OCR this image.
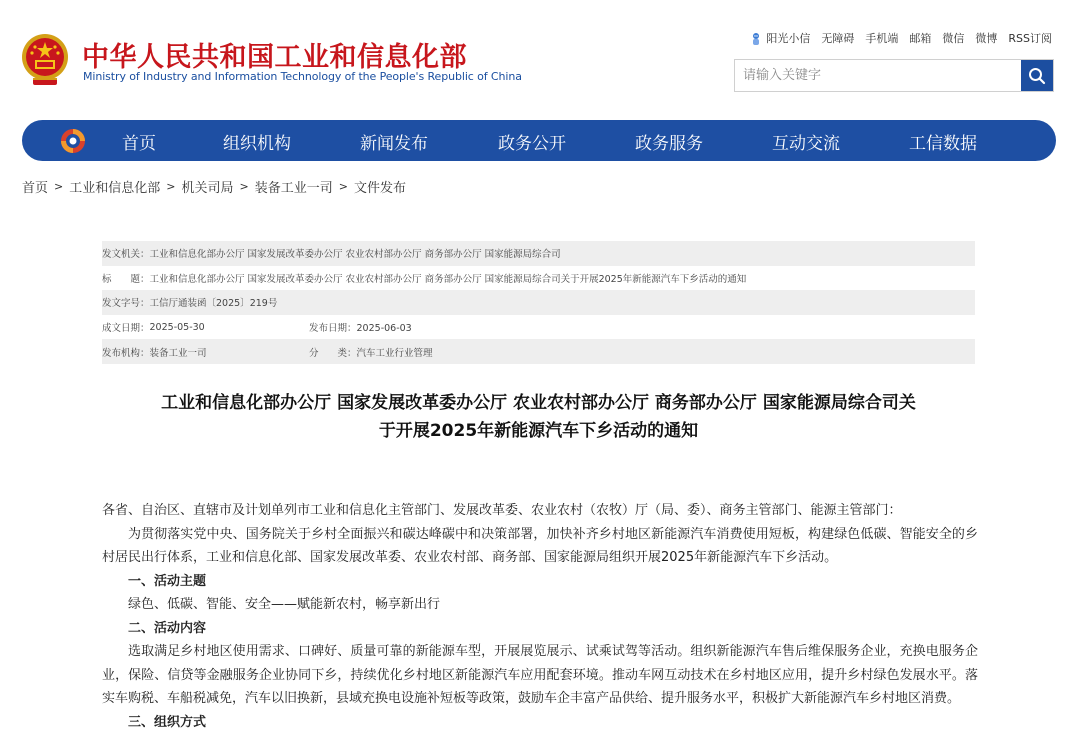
中华人民共和国工业和信息化部
Ministry of Industry and Information Technology of the People's Republic of China
阳光小信 无障碍 手机端 邮箱 微信 微博 RSS订阅
请输入关键字
首页	组织机构	新闻发布	政务公开	政务服务	互动交流	工信数据
首页 > 工业和信息化部 > 机关司局 > 装备工业一司 > 文件发布
发文机关： 工业和信息化部办公厅 国家发展改革委办公厅 农业农村部办公厅 商务部办公厅 国家能源局综合司
标　　题： 工业和信息化部办公厅 国家发展改革委办公厅 农业农村部办公厅 商务部办公厅 国家能源局综合司关于开展2025年新能源汽车下乡活动的通知
发文字号： 工信厅通装函〔2025〕219号
成文日期： 2025-05-30	发布日期：2025-06-03
发布机构： 装备工业一司	分　　类：汽车工业行业管理
工业和信息化部办公厅 国家发展改革委办公厅 农业农村部办公厅 商务部办公厅 国家能源局综合司关
于开展2025年新能源汽车下乡活动的通知

各省、自治区、直辖市及计划单列市工业和信息化主管部门、发展改革委、农业农村（农牧）厅（局、委）、商务主管部门、能源主管部门：

为贯彻落实党中央、国务院关于乡村全面振兴和碳达峰碳中和决策部署，加快补齐乡村地区新能源汽车消费使用短板，构建绿色低碳、智能安全的乡村居民出行体系，工业和信息化部、国家发展改革委、农业农村部、商务部、国家能源局组织开展2025年新能源汽车下乡活动。

一、活动主题

绿色、低碳、智能、安全——赋能新农村，畅享新出行

二、活动内容

选取满足乡村地区使用需求、口碑好、质量可靠的新能源车型，开展展览展示、试乘试驾等活动。组织新能源汽车售后维保服务企业，充换电服务企业，保险、信贷等金融服务企业协同下乡，持续优化乡村地区新能源汽车应用配套环境。推动车网互动技术在乡村地区应用，提升乡村绿色发展水平。落实车购税、车船税减免，汽车以旧换新，县域充换电设施补短板等政策，鼓励车企丰富产品供给、提升服务水平，积极扩大新能源汽车乡村地区消费。

三、组织方式
